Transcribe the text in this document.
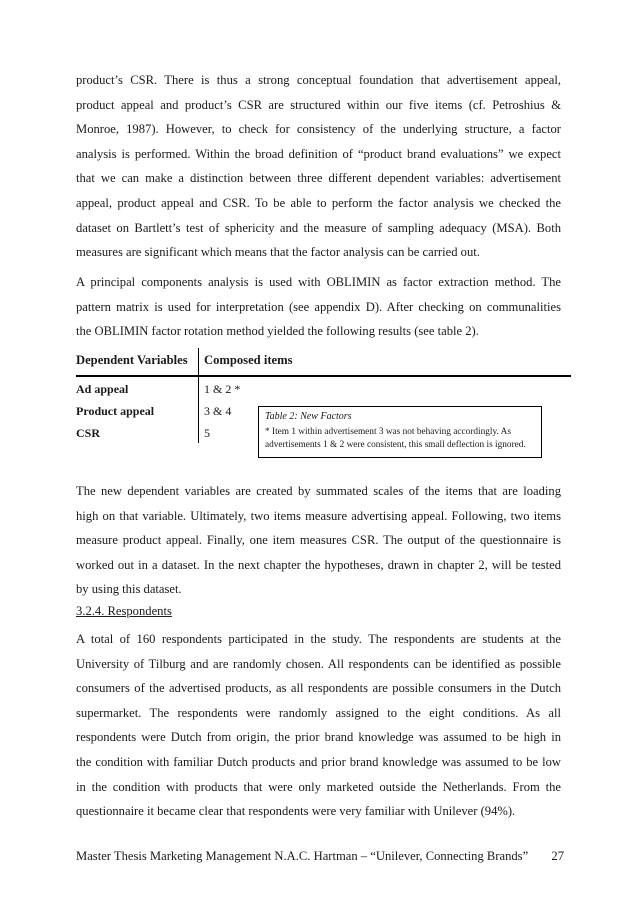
product’s CSR. There is thus a strong conceptual foundation that advertisement appeal,
product appeal and product’s CSR are structured within our five items (cf. Petroshius &
Monroe, 1987). However, to check for consistency of the underlying structure, a factor
analysis is performed. Within the broad definition of “product brand evaluations” we expect
that we can make a distinction between three different dependent variables: advertisement
appeal, product appeal and CSR. To be able to perform the factor analysis we checked the
dataset on Bartlett’s test of sphericity and the measure of sampling adequacy (MSA). Both
measures are significant which means that the factor analysis can be carried out.
A principal components analysis is used with OBLIMIN as factor extraction method. The
pattern matrix is used for interpretation (see appendix D). After checking on communalities
the OBLIMIN factor rotation method yielded the following results (see table 2).
Dependent Variables Composed items
Ad appeal	1 & 2 *
Product appeal	3 & 4
CSR	5
Table 2: New Factors
* Item 1 within advertisement 3 was not behaving accordingly. As
advertisements 1 & 2 were consistent, this small deflection is ignored.
The new dependent variables are created by summated scales of the items that are loading
high on that variable. Ultimately, two items measure advertising appeal. Following, two items
measure product appeal. Finally, one item measures CSR. The output of the questionnaire is
worked out in a dataset. In the next chapter the hypotheses, drawn in chapter 2, will be tested
by using this dataset.
3.2.4. Respondents
A total of 160 respondents participated in the study. The respondents are students at the
University of Tilburg and are randomly chosen. All respondents can be identified as possible
consumers of the advertised products, as all respondents are possible consumers in the Dutch
supermarket. The respondents were randomly assigned to the eight conditions. As all
respondents were Dutch from origin, the prior brand knowledge was assumed to be high in
the condition with familiar Dutch products and prior brand knowledge was assumed to be low
in the condition with products that were only marketed outside the Netherlands. From the
questionnaire it became clear that respondents were very familiar with Unilever (94%).
Master Thesis Marketing Management N.A.C. Hartman – “Unilever, Connecting Brands” 27
